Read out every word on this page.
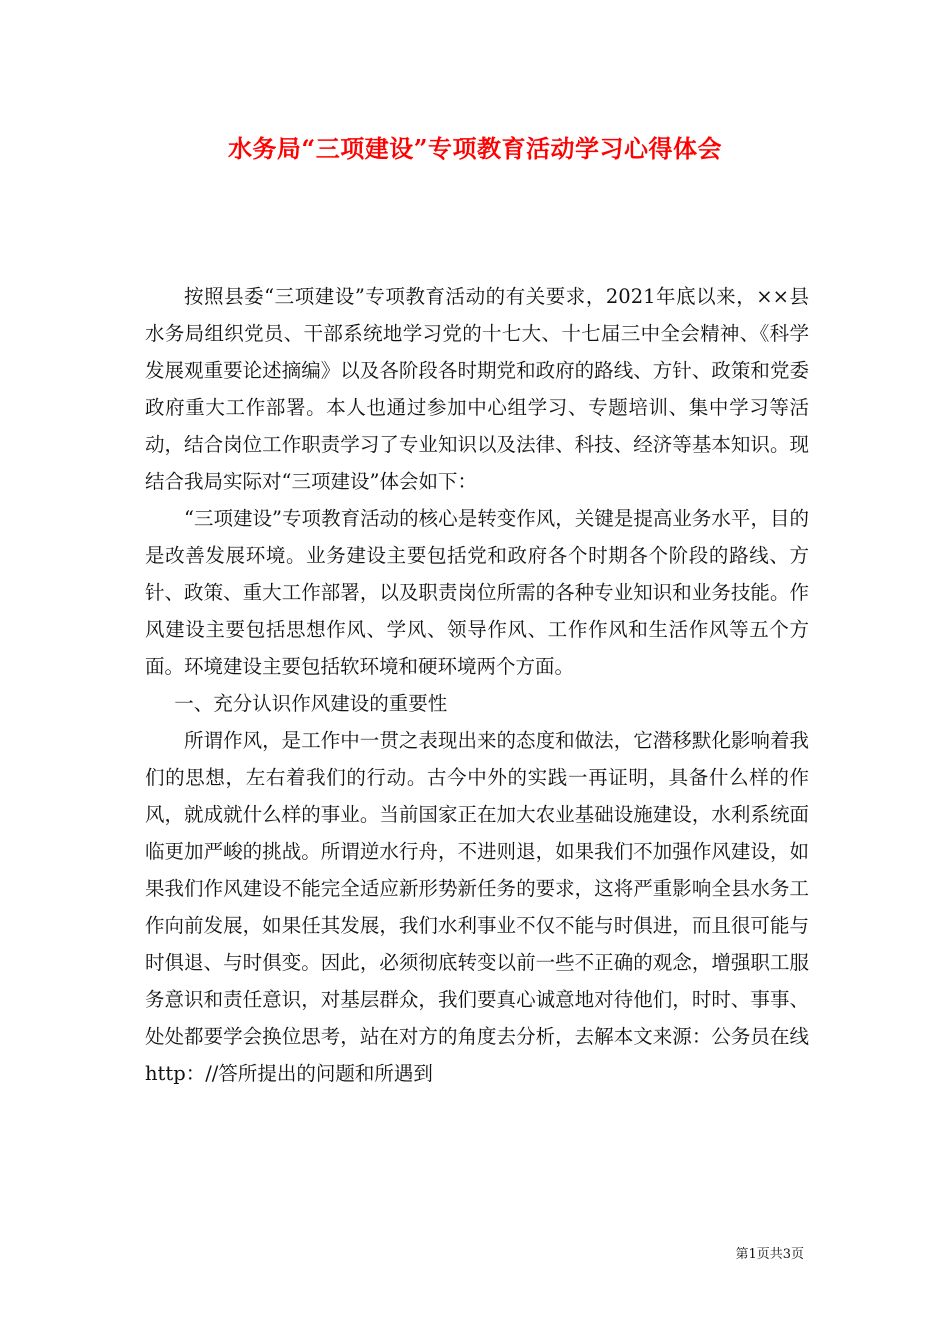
水务局“三项建设”专项教育活动学习心得体会

按照县委“三项建设”专项教育活动的有关要求，2021年底以来，××县水务局组织党员、干部系统地学习党的十七大、十七届三中全会精神、《科学发展观重要论述摘编》以及各阶段各时期党和政府的路线、方针、政策和党委政府重大工作部署。本人也通过参加中心组学习、专题培训、集中学习等活动，结合岗位工作职责学习了专业知识以及法律、科技、经济等基本知识。现结合我局实际对“三项建设”体会如下：

“三项建设”专项教育活动的核心是转变作风，关键是提高业务水平，目的是改善发展环境。业务建设主要包括党和政府各个时期各个阶段的路线、方针、政策、重大工作部署，以及职责岗位所需的各种专业知识和业务技能。作风建设主要包括思想作风、学风、领导作风、工作作风和生活作风等五个方面。环境建设主要包括软环境和硬环境两个方面。

一、充分认识作风建设的重要性

所谓作风，是工作中一贯之表现出来的态度和做法，它潜移默化影响着我们的思想，左右着我们的行动。古今中外的实践一再证明，具备什么样的作风，就成就什么样的事业。当前国家正在加大农业基础设施建设，水利系统面临更加严峻的挑战。所谓逆水行舟，不进则退，如果我们不加强作风建设，如果我们作风建设不能完全适应新形势新任务的要求，这将严重影响全县水务工作向前发展，如果任其发展，我们水利事业不仅不能与时俱进，而且很可能与时俱退、与时俱变。因此，必须彻底转变以前一些不正确的观念，增强职工服务意识和责任意识，对基层群众，我们要真心诚意地对待他们，时时、事事、处处都要学会换位思考，站在对方的角度去分析，去解本文来源：公务员在线http：//答所提出的问题和所遇到

第1页共3页
